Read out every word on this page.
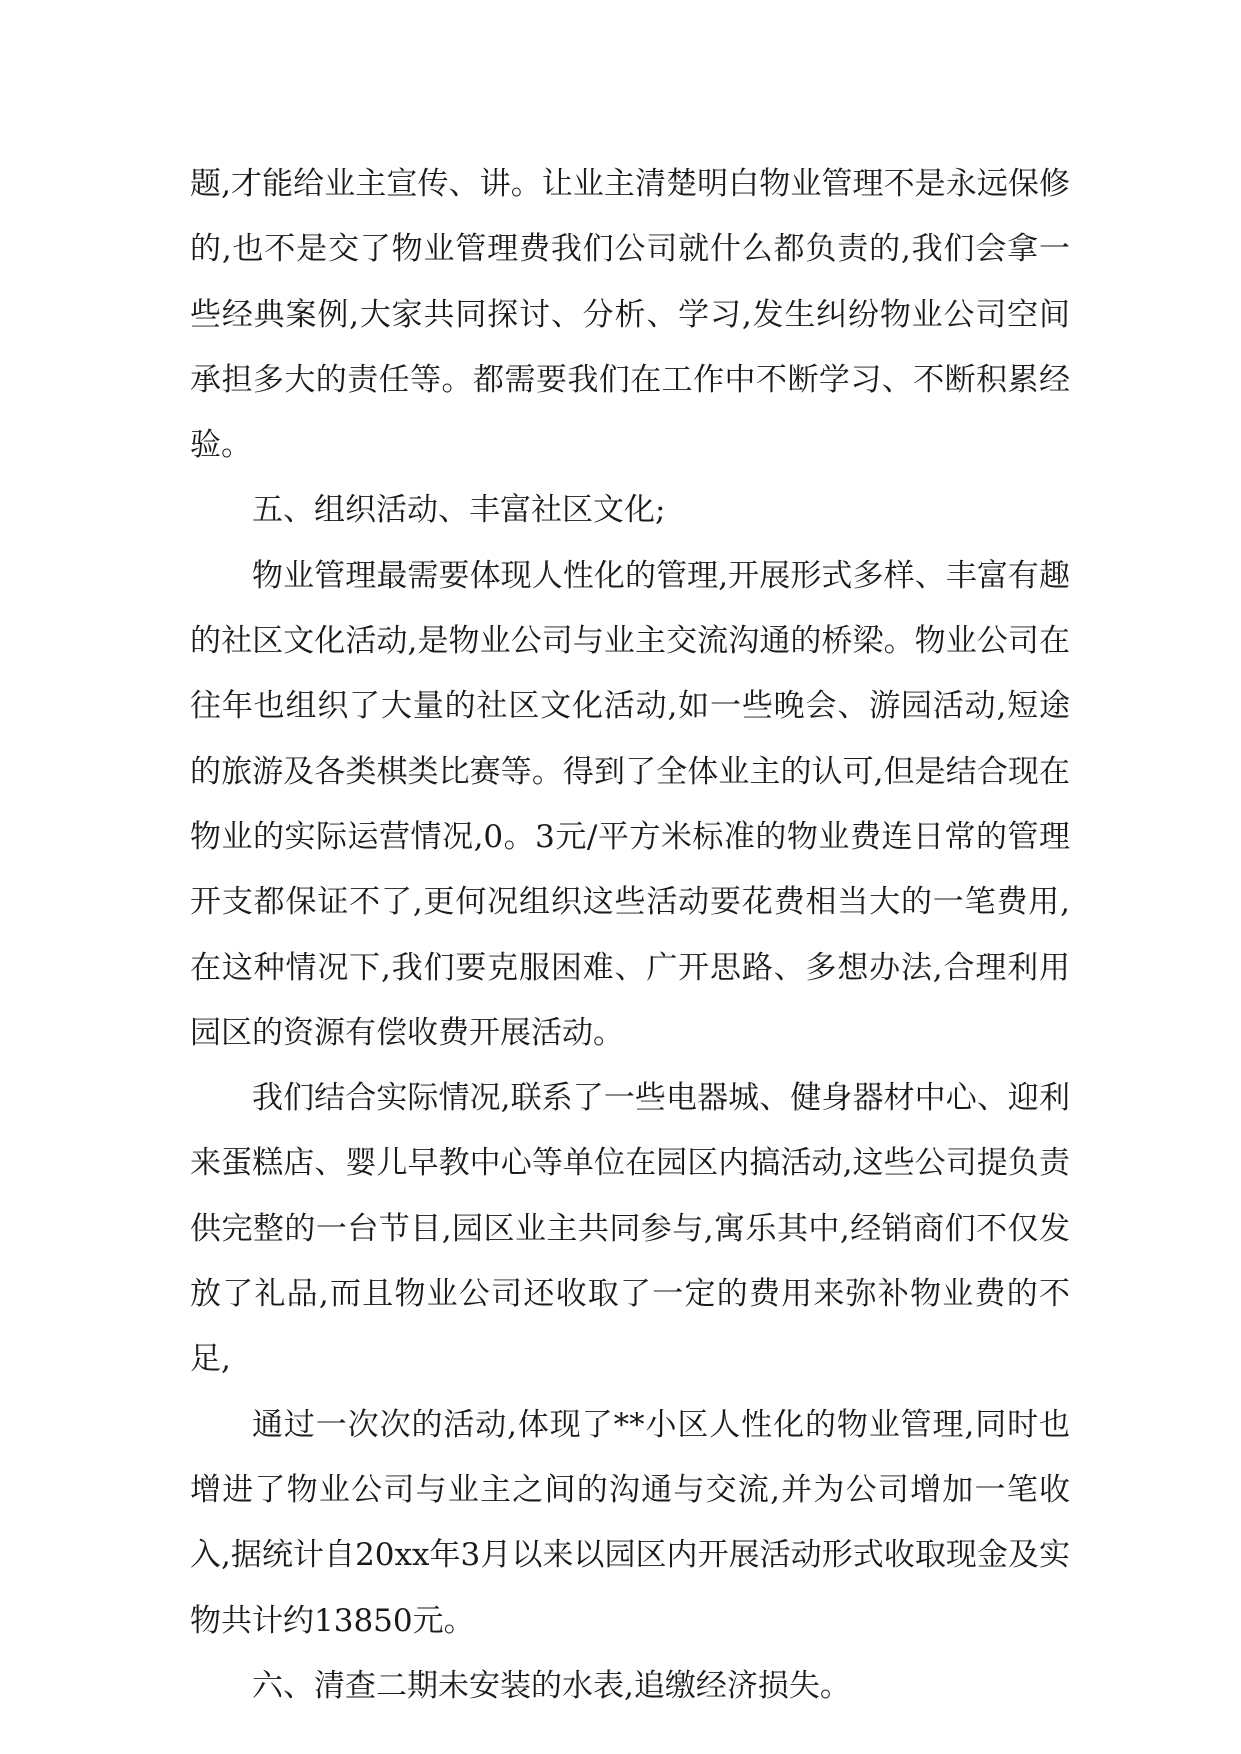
题,才能给业主宣传、讲。让业主清楚明白物业管理不是永远保修的,也不是交了物业管理费我们公司就什么都负责的,我们会拿一些经典案例,大家共同探讨、分析、学习,发生纠纷物业公司空间承担多大的责任等。都需要我们在工作中不断学习、不断积累经验。

五、组织活动、丰富社区文化;

物业管理最需要体现人性化的管理,开展形式多样、丰富有趣的社区文化活动,是物业公司与业主交流沟通的桥梁。物业公司在往年也组织了大量的社区文化活动,如一些晚会、游园活动,短途的旅游及各类棋类比赛等。得到了全体业主的认可,但是结合现在物业的实际运营情况,0。3元/平方米标准的物业费连日常的管理开支都保证不了,更何况组织这些活动要花费相当大的一笔费用,在这种情况下,我们要克服困难、广开思路、多想办法,合理利用园区的资源有偿收费开展活动。

我们结合实际情况,联系了一些电器城、健身器材中心、迎利来蛋糕店、婴儿早教中心等单位在园区内搞活动,这些公司提负责供完整的一台节目,园区业主共同参与,寓乐其中,经销商们不仅发放了礼品,而且物业公司还收取了一定的费用来弥补物业费的不足,

通过一次次的活动,体现了**小区人性化的物业管理,同时也增进了物业公司与业主之间的沟通与交流,并为公司增加一笔收入,据统计自20xx年3月以来以园区内开展活动形式收取现金及实物共计约13850元。

六、清查二期未安装的水表,追缴经济损失。
